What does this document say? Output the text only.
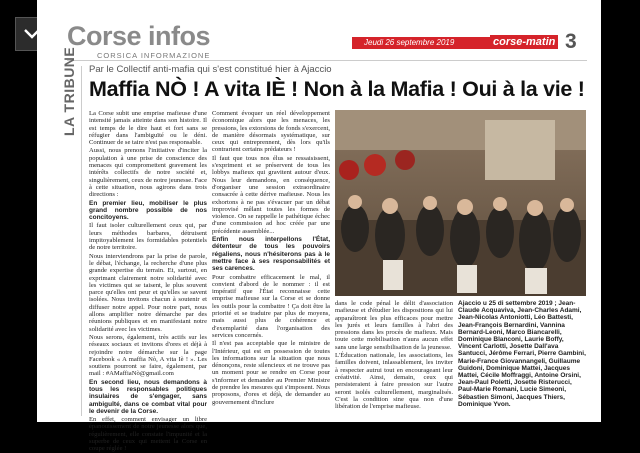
Corse infos
CORSICA INFORMAZIONE
Jeudi 26 septembre 2019	corse-matin 3
LA TRIBUNE Par le Collectif anti-mafia qui s'est constitué hier à Ajaccio
Maffia NÒ ! A vita IÈ ! Non à la Mafia ! Oui à la vie !

La Corse subit une emprise mafieuse d'une intensité jamais atteinte dans son histoire. Il est temps de le dire haut et fort sans se réfugier dans l'ambiguïté ou le déni. Continuer de se taire n'est pas responsable.

Aussi, nous prenons l'initiative d'inciter la population à une prise de conscience des menaces qui compromettent gravement les intérêts collectifs de notre société et, singulièrement, ceux de notre jeunesse. Face à cette situation, nous agirons dans trois directions :

En premier lieu, mobiliser le plus grand nombre possible de nos concitoyens.

Il faut isoler culturellement ceux qui, par leurs méthodes barbares, détruisent impitoyablement les formidables potentiels de notre territoire.

Nous interviendrons par la prise de parole, le débat, l'échange, la recherche d'une plus grande expertise du terrain. Et, surtout, en exprimant clairement notre solidarité avec les victimes qui se taisent, le plus souvent parce qu'elles ont peur et qu'elles se savent isolées. Nous invitons chacun à soutenir et diffuser notre appel. Pour notre part, nous allons amplifier notre démarche par des réunions publiques et en manifestant notre solidarité avec les victimes.

Nous serons, également, très actifs sur les réseaux sociaux et invitons d'ores et déjà à rejoindre notre démarche sur la page Facebook « A maffia Nò, A vita Iè ! ». Les soutiens pourront se faire, également, par mail : #AMaffiaNò@gmail.com

En second lieu, nous demandons à tous les responsables politiques insulaires de s'engager, sans ambiguïté, dans ce combat vital pour le devenir de la Corse.

En effet, comment envisager un libre épanouissement de notre jeunesse alors que, régulièrement, elle constate l'impunité et la superbe de ceux qui mettent la Corse en coupe réglée !

Comment évoquer un réel développement économique alors que les menaces, les pressions, les extorsions de fonds s'exercent, de manière désormais systématique, sur ceux qui entreprennent, dès lors qu'ils contrarient certains prédateurs !

Il faut que tous nos élus se ressaisissent, s'expriment et se préservent de tous les lobbys mafieux qui gravitent autour d'eux. Nous leur demandons, en conséquence, d'organiser une session extraordinaire consacrée à cette dérive mafieuse. Nous les exhortons à ne pas s'évacuer par un débat improvisé mêlant toutes les formes de violence. On se rappelle le pathétique échec d'une commission ad hoc créée par une précédente assemblée...

Enfin nous interpellons l'État, détenteur de tous les pouvoirs régaliens, nous n'hésiterons pas à le mettre face à ses responsabilités et ses carences.

Pour combattre efficacement le mal, il convient d'abord de le nommer : il est impératif que l'État reconnaisse cette emprise mafieuse sur la Corse et se donne les outils pour la combattre ! Ça doit être la priorité et se traduire par plus de moyens, mais aussi plus de cohérence et d'exemplarité dans l'organisation des services concernés.

Il n'est pas acceptable que le ministre de l'Intérieur, qui est en possession de toutes les informations sur la situation que nous dénonçons, reste silencieux et ne trouve pas un moment pour se rendre en Corse pour s'informer et demander au Premier Ministre de prendre les mesures qui s'imposent. Nous proposons, d'ores et déjà, de demander au gouvernement d'inclure

dans le code pénal le délit d'association mafieuse et d'étudier les dispositions qui lui apparaîtront les plus efficaces pour mettre les jurés et leurs familles à l'abri des pressions dans les procès de mafieux. Mais toute cette mobilisation n'aura aucun effet sans une large sensibilisation de la jeunesse.

L'Éducation nationale, les associations, les familles doivent, inlassablement, les inviter à respecter autrui tout en encourageant leur créativité. Ainsi, demain, ceux qui persisteraient à faire pression sur l'autre seront isolés culturellement, marginalisés. C'est la condition sine qua non d'une libération de l'emprise mafieuse.

Ajaccio u 25 di settembre 2019 ; Jean-Claude Acquaviva, Jean-Charles Adami, Jean-Nicolas Antoniotti, Léo Battesti, Jean-François Bernardini, Vannina Bernard-Leoni, Marco Biancarelli, Dominique Blanconi, Laurie Boffy, Vincent Carlotti, Josette Dall'ava Santucci, Jérôme Ferrari, Pierre Gambini, Marie-France Giovannangeli, Guillaume Guidoni, Dominique Mattei, Jacques Mattei, Cécile Moffraggi, Antoine Orsini, Jean-Paul Poletti, Josette Risterucci, Paul-Marie Romani, Lucie Simeoni, Sébastien Simoni, Jacques Thiers, Dominique Yvon.
